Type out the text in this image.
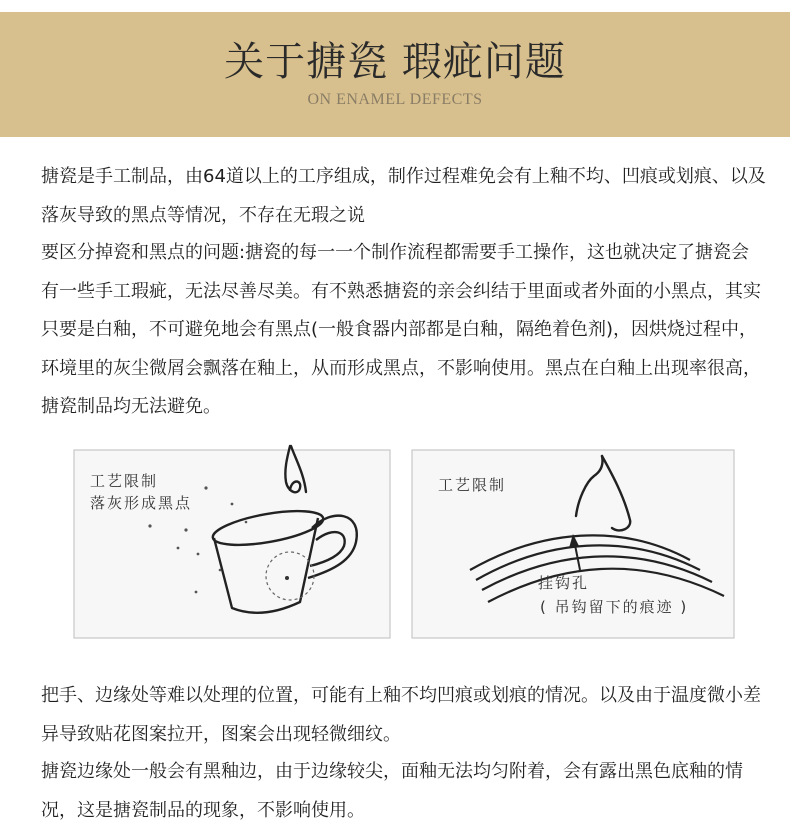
关于搪瓷 瑕疵问题
ON ENAMEL DEFECTS

搪瓷是手工制品，由64道以上的工序组成，制作过程难免会有上釉不均、凹痕或划痕、以及落灰导致的黑点等情况，不存在无瑕之说

要区分掉瓷和黑点的问题:搪瓷的每一一个制作流程都需要手工操作，这也就决定了搪瓷会有一些手工瑕疵，无法尽善尽美。有不熟悉搪瓷的亲会纠结于里面或者外面的小黑点，其实只要是白釉，不可避免地会有黑点(一般食器内部都是白釉，隔绝着色剂)，因烘烧过程中，环境里的灰尘微屑会飘落在釉上，从而形成黑点，不影响使用。黑点在白釉上出现率很高，搪瓷制品均无法避免。

工艺限制
落灰形成黑点
工艺限制
挂钩孔
( 吊钩留下的痕迹 )

把手、边缘处等难以处理的位置，可能有上釉不均凹痕或划痕的情况。以及由于温度微小差异导致贴花图案拉开，图案会出现轻微细纹。

搪瓷边缘处一般会有黑釉边，由于边缘较尖，面釉无法均匀附着，会有露出黑色底釉的情况，这是搪瓷制品的现象，不影响使用。
